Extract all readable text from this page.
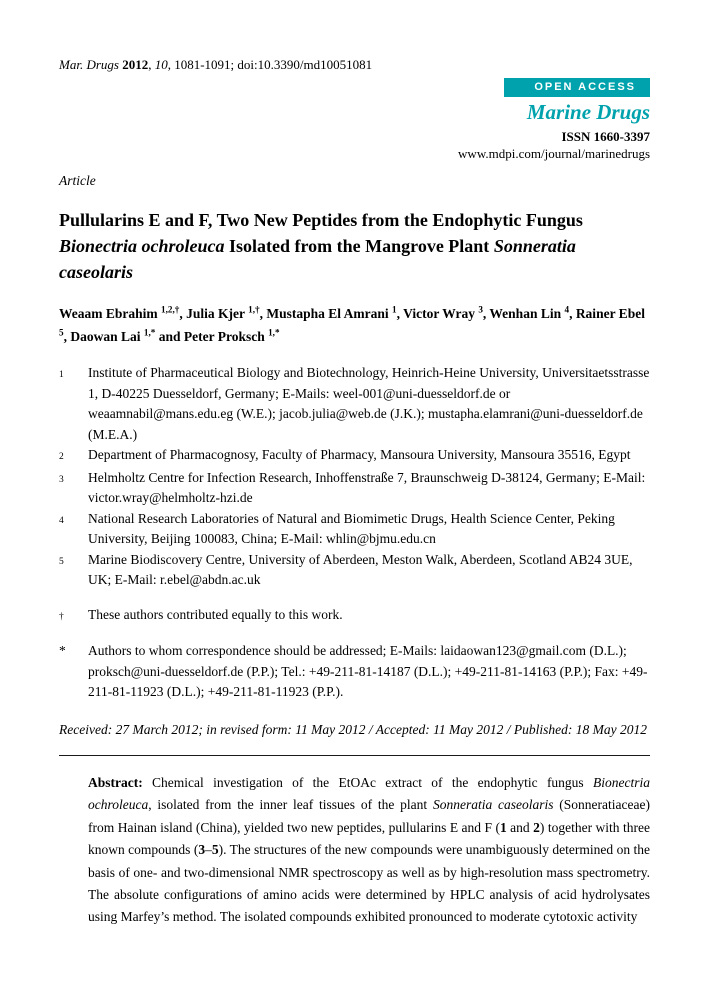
Mar. Drugs 2012, 10, 1081-1091; doi:10.3390/md10051081
OPEN ACCESS
Marine Drugs
ISSN 1660-3397
www.mdpi.com/journal/marinedrugs
Article
Pullularins E and F, Two New Peptides from the Endophytic Fungus Bionectria ochroleuca Isolated from the Mangrove Plant Sonneratia caseolaris

Weaam Ebrahim $^{1,2,\dagger}$, Julia Kjer $^{1,\dagger}$, Mustapha El Amrani $^1$, Victor Wray $^3$, Wenhan Lin $^4$, Rainer Ebel $^5$, Daowan Lai $^{1,*}$ and Peter Proksch $^{1,*}$

1	Institute of Pharmaceutical Biology and Biotechnology, Heinrich-Heine University, Universitaetsstrasse 1, D-40225 Duesseldorf, Germany; E-Mails: weel-001@uni-duesseldorf.de or weaamnabil@mans.edu.eg (W.E.); jacob.julia@web.de (J.K.); mustapha.elamrani@uni-duesseldorf.de (M.E.A.)
2	Department of Pharmacognosy, Faculty of Pharmacy, Mansoura University, Mansoura 35516, Egypt
3	Helmholtz Centre for Infection Research, Inhoffenstraße 7, Braunschweig D-38124, Germany; E-Mail: victor.wray@helmholtz-hzi.de
4	National Research Laboratories of Natural and Biomimetic Drugs, Health Science Center, Peking University, Beijing 100083, China; E-Mail: whlin@bjmu.edu.cn
5	Marine Biodiscovery Centre, University of Aberdeen, Meston Walk, Aberdeen, Scotland AB24 3UE, UK; E-Mail: r.ebel@abdn.ac.uk
†	These authors contributed equally to this work.
*	Authors to whom correspondence should be addressed; E-Mails: laidaowan123@gmail.com (D.L.); proksch@uni-duesseldorf.de (P.P.); Tel.: +49-211-81-14187 (D.L.); +49-211-81-14163 (P.P.); Fax: +49-211-81-11923 (D.L.); +49-211-81-11923 (P.P.).

Received: 27 March 2012; in revised form: 11 May 2012 / Accepted: 11 May 2012 / Published: 18 May 2012

Abstract: Chemical investigation of the EtOAc extract of the endophytic fungus Bionectria ochroleuca, isolated from the inner leaf tissues of the plant Sonneratia caseolaris (Sonneratiaceae) from Hainan island (China), yielded two new peptides, pullularins E and F (1 and 2) together with three known compounds (3–5). The structures of the new compounds were unambiguously determined on the basis of one- and two-dimensional NMR spectroscopy as well as by high-resolution mass spectrometry. The absolute configurations of amino acids were determined by HPLC analysis of acid hydrolysates using Marfey’s method. The isolated compounds exhibited pronounced to moderate cytotoxic activity
